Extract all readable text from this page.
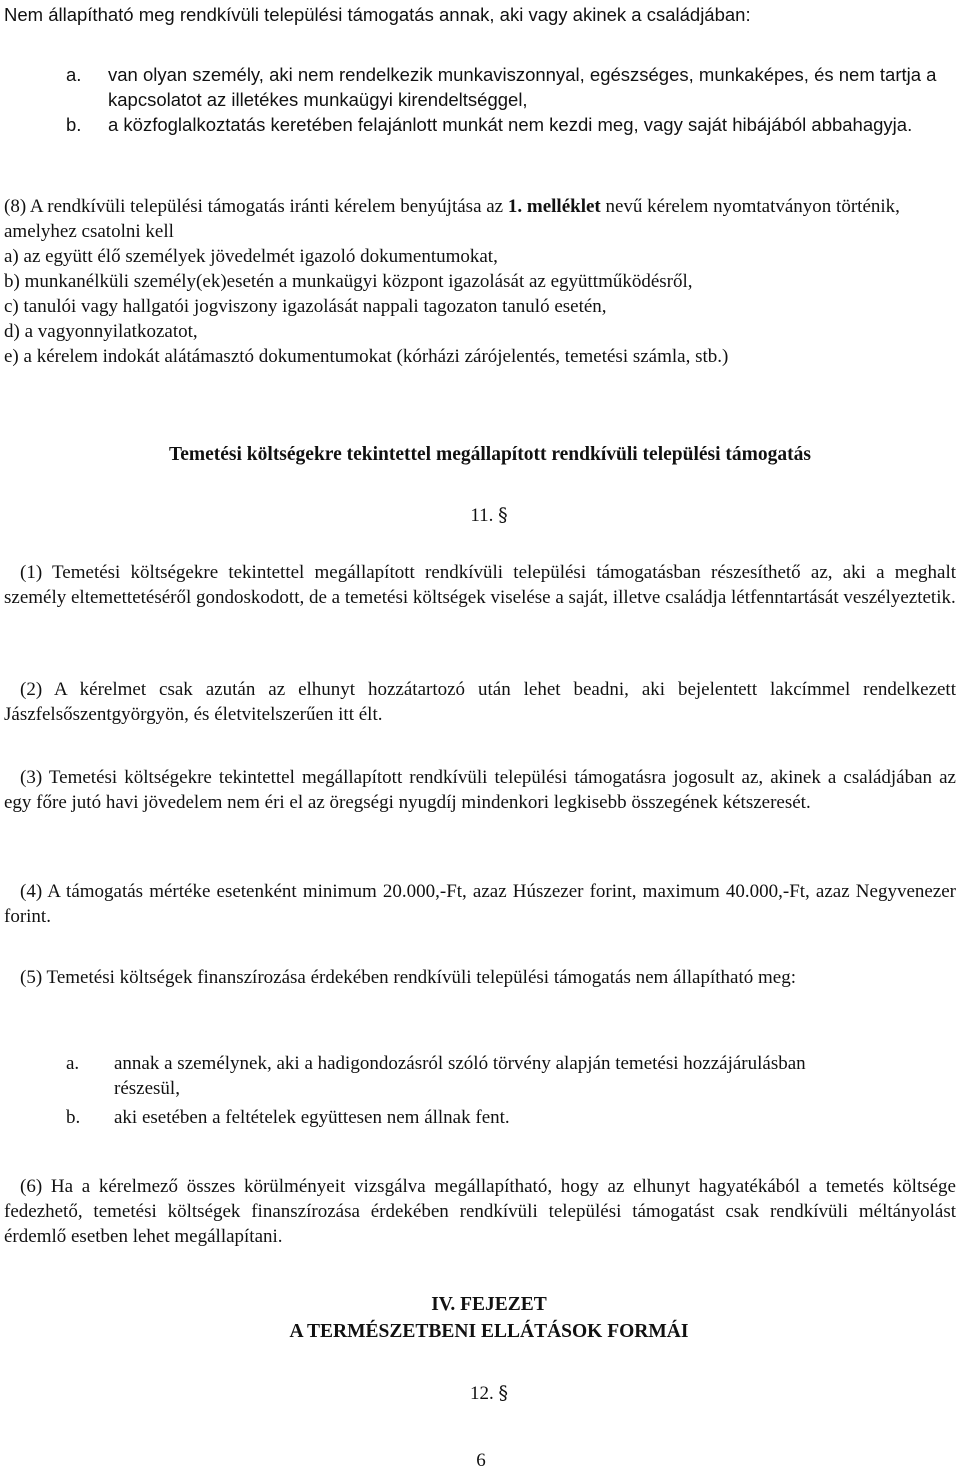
Nem állapítható meg rendkívüli települési támogatás annak, aki vagy akinek a családjában:

a.	van olyan személy, aki nem rendelkezik munkaviszonnyal, egészséges, munkaképes, és nem tartja a kapcsolatot az illetékes munkaügyi kirendeltséggel,
b.	a közfoglalkoztatás keretében felajánlott munkát nem kezdi meg, vagy saját hibájából abbahagyja.

(8) A rendkívüli települési támogatás iránti kérelem benyújtása az 1. melléklet nevű kérelem nyomtatványon történik, amelyhez csatolni kell

a) az együtt élő személyek jövedelmét igazoló dokumentumokat,

b) munkanélküli személy(ek)esetén a munkaügyi központ igazolását az együttműködésről,

c) tanulói vagy hallgatói jogviszony igazolását nappali tagozaton tanuló esetén,

d) a vagyonnyilatkozatot,

e) a kérelem indokát alátámasztó dokumentumokat (kórházi zárójelentés, temetési számla, stb.)

Temetési költségekre tekintettel megállapított rendkívüli települési támogatás

11. §

(1) Temetési költségekre tekintettel megállapított rendkívüli települési támogatásban részesíthető az, aki a meghalt személy eltemettetéséről gondoskodott, de a temetési költségek viselése a saját, illetve családja létfenntartását veszélyeztetik.

(2) A kérelmet csak azután az elhunyt hozzátartozó után lehet beadni, aki bejelentett lakcímmel rendelkezett Jászfelsőszentgyörgyön, és életvitelszerűen itt élt.

(3) Temetési költségekre tekintettel megállapított rendkívüli települési támogatásra jogosult az, akinek a családjában az egy főre jutó havi jövedelem nem éri el az öregségi nyugdíj mindenkori legkisebb összegének kétszeresét.

(4) A támogatás mértéke esetenként minimum 20.000,-Ft, azaz Húszezer forint, maximum 40.000,-Ft, azaz Negyvenezer forint.

(5) Temetési költségek finanszírozása érdekében rendkívüli települési támogatás nem állapítható meg:

a.	annak a személynek, aki a hadigondozásról szóló törvény alapján temetési hozzájárulásban részesül,
b.	aki esetében a feltételek együttesen nem állnak fent.

(6) Ha a kérelmező összes körülményeit vizsgálva megállapítható, hogy az elhunyt hagyatékából a temetés költsége fedezhető, temetési költségek finanszírozása érdekében rendkívüli települési támogatást csak rendkívüli méltányolást érdemlő esetben lehet megállapítani.

IV. FEJEZET

A TERMÉSZETBENI ELLÁTÁSOK FORMÁI

12. §

6
